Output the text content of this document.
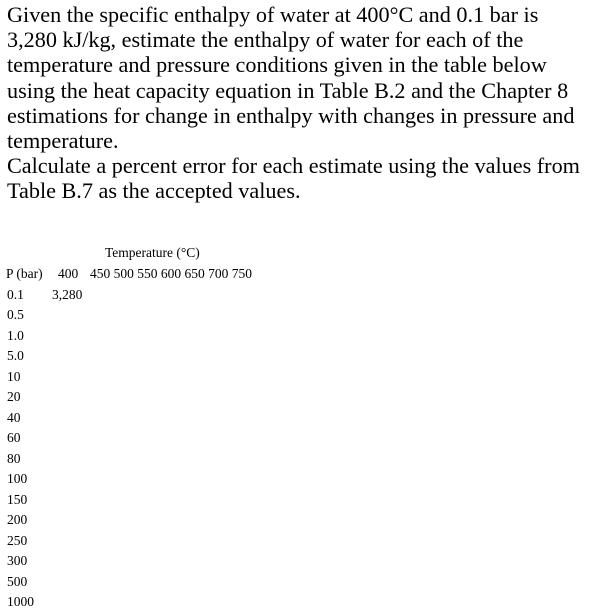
Given the specific enthalpy of water at 400°C and 0.1 bar is
3,280 kJ/kg, estimate the enthalpy of water for each of the
temperature and pressure conditions given in the table below
using the heat capacity equation in Table B.2 and the Chapter 8
estimations for change in enthalpy with changes in pressure and
temperature.
Calculate a percent error for each estimate using the values from
Table B.7 as the accepted values.
Temperature (°C)
P (bar) 400 450 500 550 600 650 700 750
0.1 3,280
0.5
1.0
5.0
10
20
40
60
80
100
150
200
250
300
500
1000
